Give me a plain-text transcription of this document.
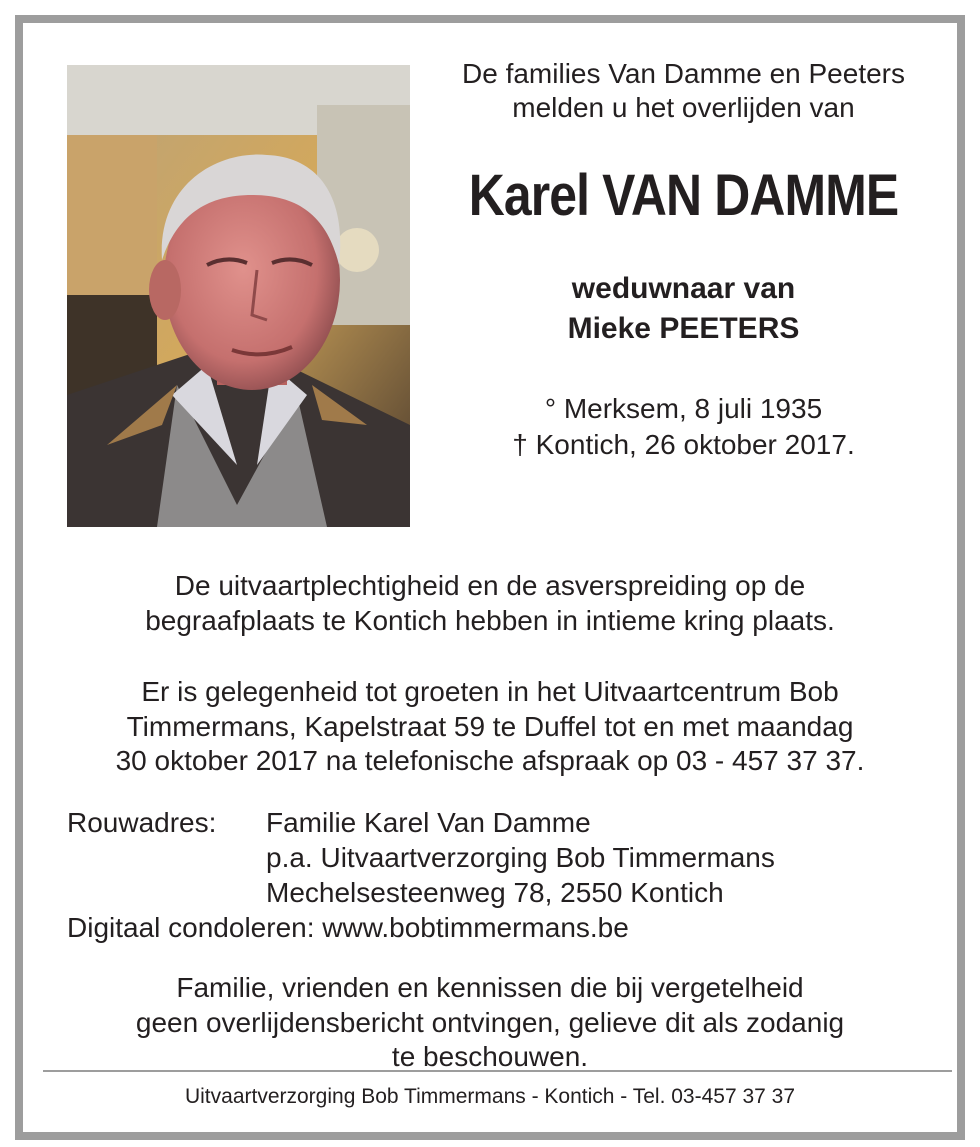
De families Van Damme en Peeters
melden u het overlijden van
Karel VAN DAMME
weduwnaar van
Mieke PEETERS
° Merksem, 8 juli 1935
† Kontich, 26 oktober 2017.
De uitvaartplechtigheid en de asverspreiding op de
begraafplaats te Kontich hebben in intieme kring plaats.
Er is gelegenheid tot groeten in het Uitvaartcentrum Bob
Timmermans, Kapelstraat 59 te Duffel tot en met maandag
30 oktober 2017 na telefonische afspraak op 03 - 457 37 37.
Rouwadres:	Familie Karel Van Damme
p.a. Uitvaartverzorging Bob Timmermans
Mechelsesteenweg 78, 2550 Kontich
Digitaal condoleren: www.bobtimmermans.be
Familie, vrienden en kennissen die bij vergetelheid
geen overlijdensbericht ontvingen, gelieve dit als zodanig
te beschouwen.
Uitvaartverzorging Bob Timmermans - Kontich - Tel. 03-457 37 37
